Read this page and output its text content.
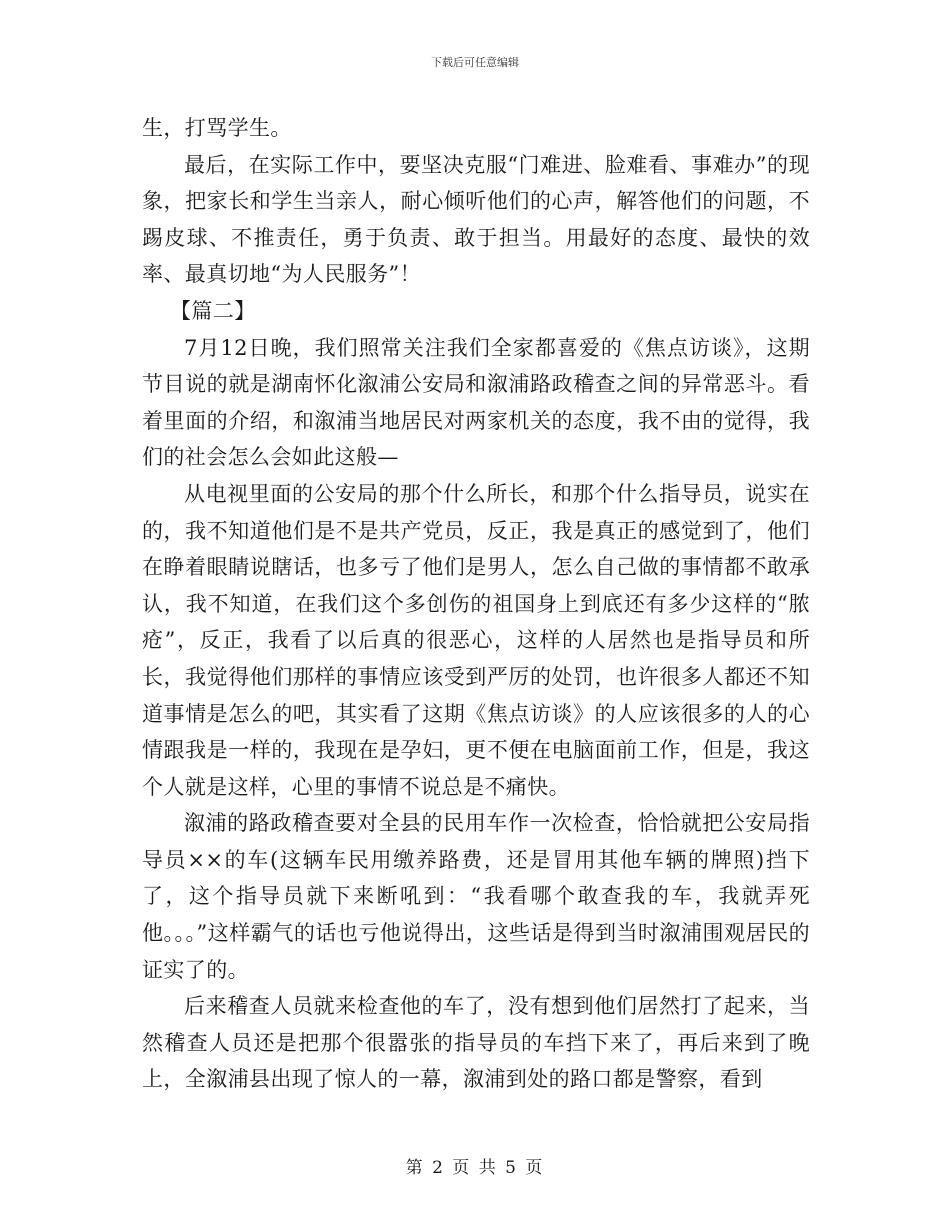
下载后可任意编辑

生，打骂学生。

最后，在实际工作中，要坚决克服“门难进、脸难看、事难办”的现象，把家长和学生当亲人，耐心倾听他们的心声，解答他们的问题，不踢皮球、不推责任，勇于负责、敢于担当。用最好的态度、最快的效率、最真切地“为人民服务”！

【篇二】

7月12日晚，我们照常关注我们全家都喜爱的《焦点访谈》，这期节目说的就是湖南怀化溆浦公安局和溆浦路政稽查之间的异常恶斗。看着里面的介绍，和溆浦当地居民对两家机关的态度，我不由的觉得，我们的社会怎么会如此这般—

从电视里面的公安局的那个什么所长，和那个什么指导员，说实在的，我不知道他们是不是共产党员，反正，我是真正的感觉到了，他们在睁着眼睛说瞎话，也多亏了他们是男人，怎么自己做的事情都不敢承认，我不知道，在我们这个多创伤的祖国身上到底还有多少这样的“脓疮”，反正，我看了以后真的很恶心，这样的人居然也是指导员和所长，我觉得他们那样的事情应该受到严厉的处罚，也许很多人都还不知道事情是怎么的吧，其实看了这期《焦点访谈》的人应该很多的人的心情跟我是一样的，我现在是孕妇，更不便在电脑面前工作，但是，我这个人就是这样，心里的事情不说总是不痛快。

溆浦的路政稽查要对全县的民用车作一次检查，恰恰就把公安局指导员××的车(这辆车民用缴养路费，还是冒用其他车辆的牌照)挡下了，这个指导员就下来断吼到：“我看哪个敢查我的车，我就弄死他。。。”这样霸气的话也亏他说得出，这些话是得到当时溆浦围观居民的证实了的。

后来稽查人员就来检查他的车了，没有想到他们居然打了起来，当然稽查人员还是把那个很嚣张的指导员的车挡下来了，再后来到了晚上，全溆浦县出现了惊人的一幕，溆浦到处的路口都是警察，看到

第 2 页 共 5 页
